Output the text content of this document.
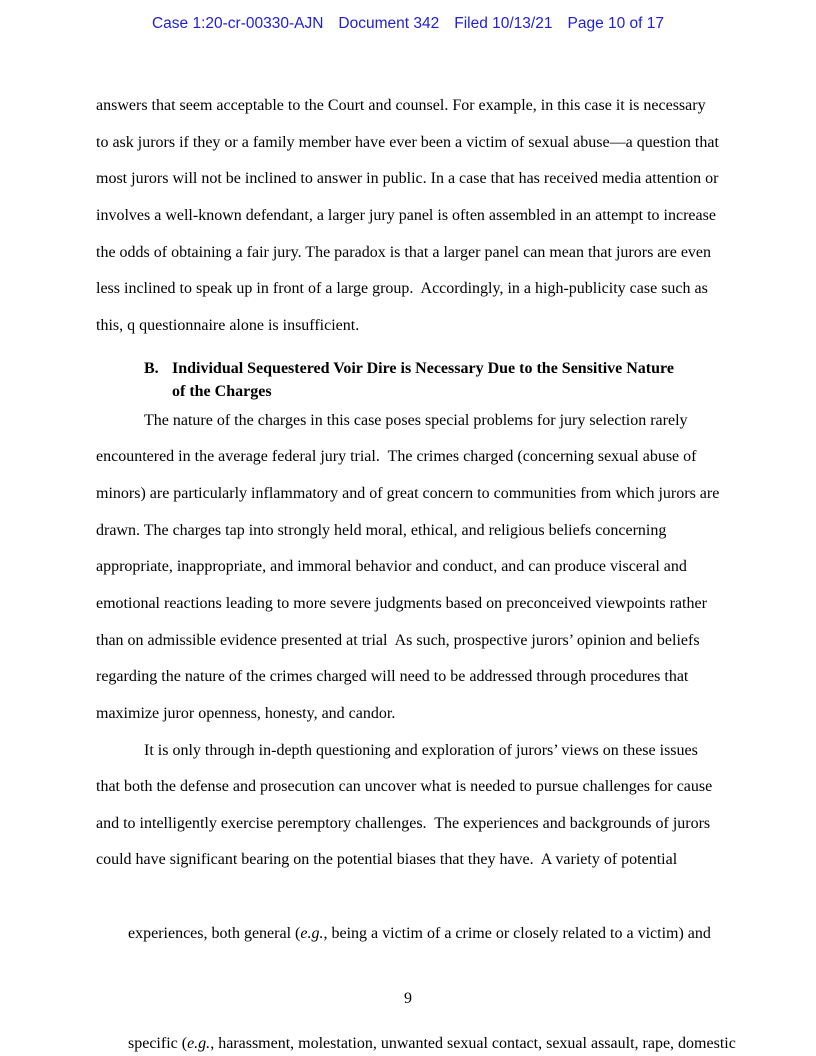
Case 1:20-cr-00330-AJN Document 342 Filed 10/13/21 Page 10 of 17
answers that seem acceptable to the Court and counsel. For example, in this case it is necessary
to ask jurors if they or a family member have ever been a victim of sexual abuse—a question that
most jurors will not be inclined to answer in public. In a case that has received media attention or
involves a well-known defendant, a larger jury panel is often assembled in an attempt to increase
the odds of obtaining a fair jury. The paradox is that a larger panel can mean that jurors are even
less inclined to speak up in front of a large group.  Accordingly, in a high-publicity case such as
this, q questionnaire alone is insufficient.
B. Individual Sequestered Voir Dire is Necessary Due to the Sensitive Nature
of the Charges
The nature of the charges in this case poses special problems for jury selection rarely
encountered in the average federal jury trial.  The crimes charged (concerning sexual abuse of
minors) are particularly inflammatory and of great concern to communities from which jurors are
drawn. The charges tap into strongly held moral, ethical, and religious beliefs concerning
appropriate, inappropriate, and immoral behavior and conduct, and can produce visceral and
emotional reactions leading to more severe judgments based on preconceived viewpoints rather
than on admissible evidence presented at trial  As such, prospective jurors’ opinion and beliefs
regarding the nature of the crimes charged will need to be addressed through procedures that
maximize juror openness, honesty, and candor.
It is only through in-depth questioning and exploration of jurors’ views on these issues
that both the defense and prosecution can uncover what is needed to pursue challenges for cause
and to intelligently exercise peremptory challenges.  The experiences and backgrounds of jurors
could have significant bearing on the potential biases that they have.  A variety of potential

experiences, both general (e.g., being a victim of a crime or closely related to a victim) and

specific (e.g., harassment, molestation, unwanted sexual contact, sexual assault, rape, domestic

9
